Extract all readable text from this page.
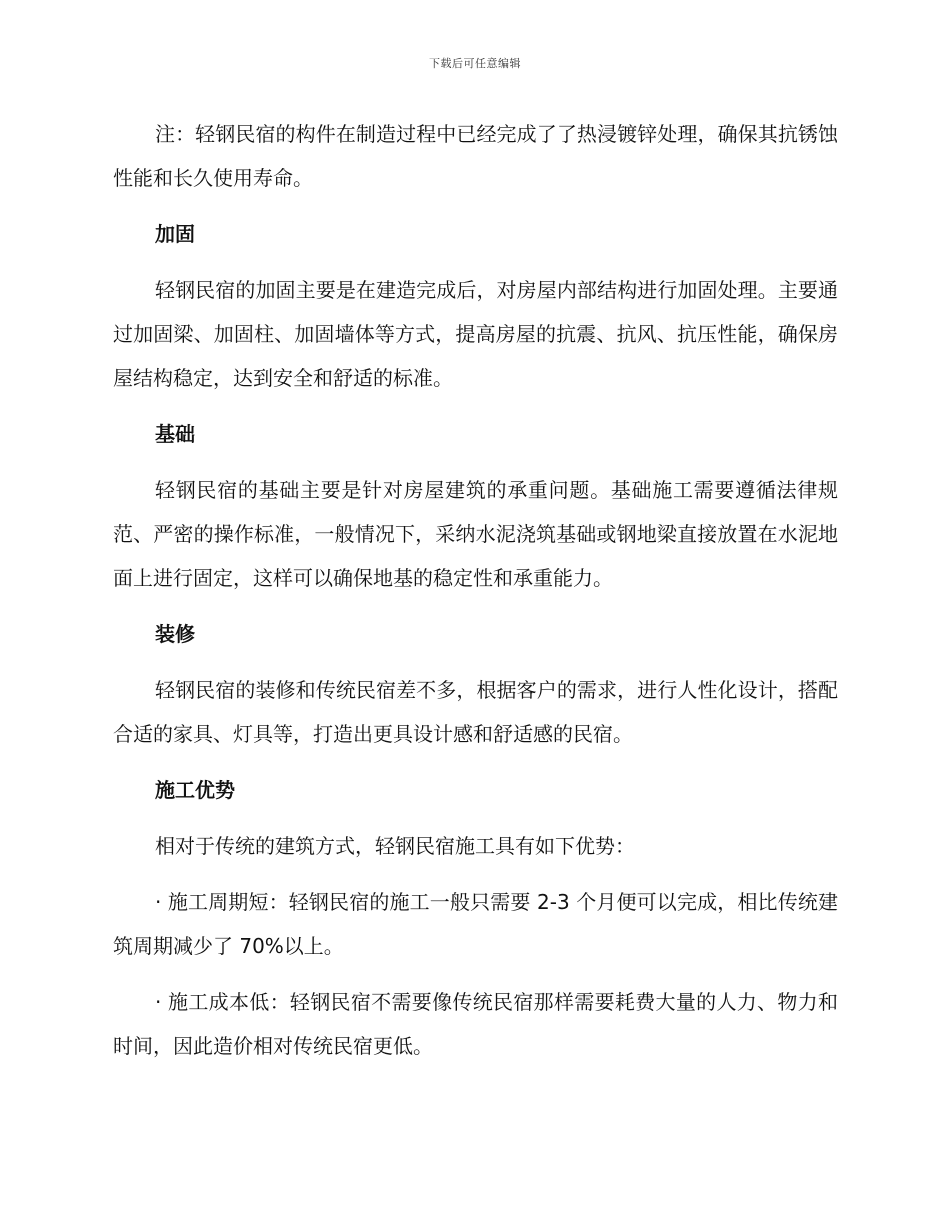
下载后可任意编辑

注：轻钢民宿的构件在制造过程中已经完成了了热浸镀锌处理，确保其抗锈蚀性能和长久使用寿命。

加固

轻钢民宿的加固主要是在建造完成后，对房屋内部结构进行加固处理。主要通过加固梁、加固柱、加固墙体等方式，提高房屋的抗震、抗风、抗压性能，确保房屋结构稳定，达到安全和舒适的标准。

基础

轻钢民宿的基础主要是针对房屋建筑的承重问题。基础施工需要遵循法律规范、严密的操作标准，一般情况下，采纳水泥浇筑基础或钢地梁直接放置在水泥地面上进行固定，这样可以确保地基的稳定性和承重能力。

装修

轻钢民宿的装修和传统民宿差不多，根据客户的需求，进行人性化设计，搭配合适的家具、灯具等，打造出更具设计感和舒适感的民宿。

施工优势

相对于传统的建筑方式，轻钢民宿施工具有如下优势：

· 施工周期短：轻钢民宿的施工一般只需要 2-3 个月便可以完成，相比传统建筑周期减少了 70%以上。

· 施工成本低：轻钢民宿不需要像传统民宿那样需要耗费大量的人力、物力和时间，因此造价相对传统民宿更低。
